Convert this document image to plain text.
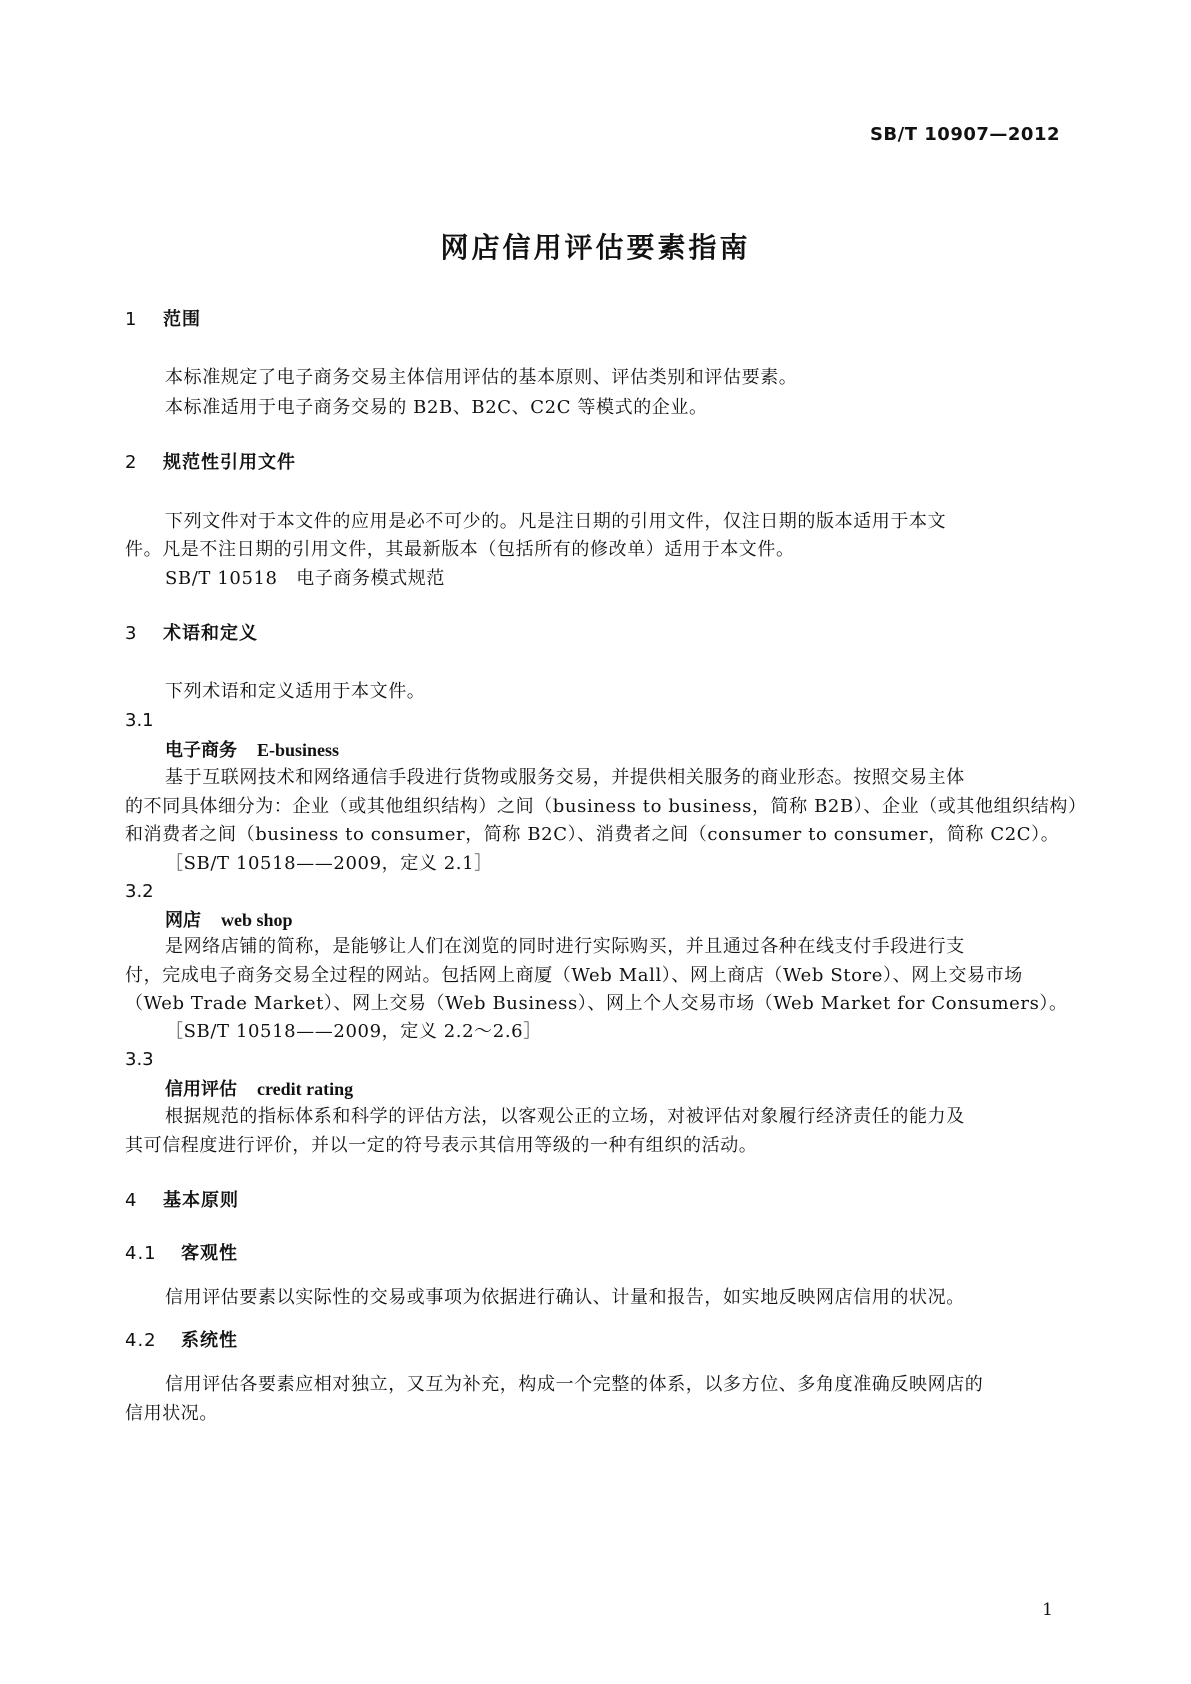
SB/T 10907—2012
网店信用评估要素指南
1 范围
本标准规定了电子商务交易主体信用评估的基本原则、评估类别和评估要素。
本标准适用于电子商务交易的 B2B、B2C、C2C 等模式的企业。
2 规范性引用文件
下列文件对于本文件的应用是必不可少的。凡是注日期的引用文件，仅注日期的版本适用于本文
件。凡是不注日期的引用文件，其最新版本（包括所有的修改单）适用于本文件。
SB/T 10518　电子商务模式规范
3 术语和定义
下列术语和定义适用于本文件。
3.1
电子商务 E-business
基于互联网技术和网络通信手段进行货物或服务交易，并提供相关服务的商业形态。按照交易主体
的不同具体细分为：企业（或其他组织结构）之间（business to business，简称 B2B）、企业（或其他组织结构）
和消费者之间（business to consumer，简称 B2C）、消费者之间（consumer to consumer，简称 C2C）。
［SB/T 10518——2009，定义 2.1］
3.2
网店 web shop
是网络店铺的简称，是能够让人们在浏览的同时进行实际购买，并且通过各种在线支付手段进行支
付，完成电子商务交易全过程的网站。包括网上商厦（Web Mall）、网上商店（Web Store）、网上交易市场
（Web Trade Market）、网上交易（Web Business）、网上个人交易市场（Web Market for Consumers）。
［SB/T 10518——2009，定义 2.2～2.6］
3.3
信用评估 credit rating
根据规范的指标体系和科学的评估方法，以客观公正的立场，对被评估对象履行经济责任的能力及
其可信程度进行评价，并以一定的符号表示其信用等级的一种有组织的活动。
4 基本原则
4.1 客观性
信用评估要素以实际性的交易或事项为依据进行确认、计量和报告，如实地反映网店信用的状况。
4.2 系统性
信用评估各要素应相对独立，又互为补充，构成一个完整的体系，以多方位、多角度准确反映网店的
信用状况。
1
